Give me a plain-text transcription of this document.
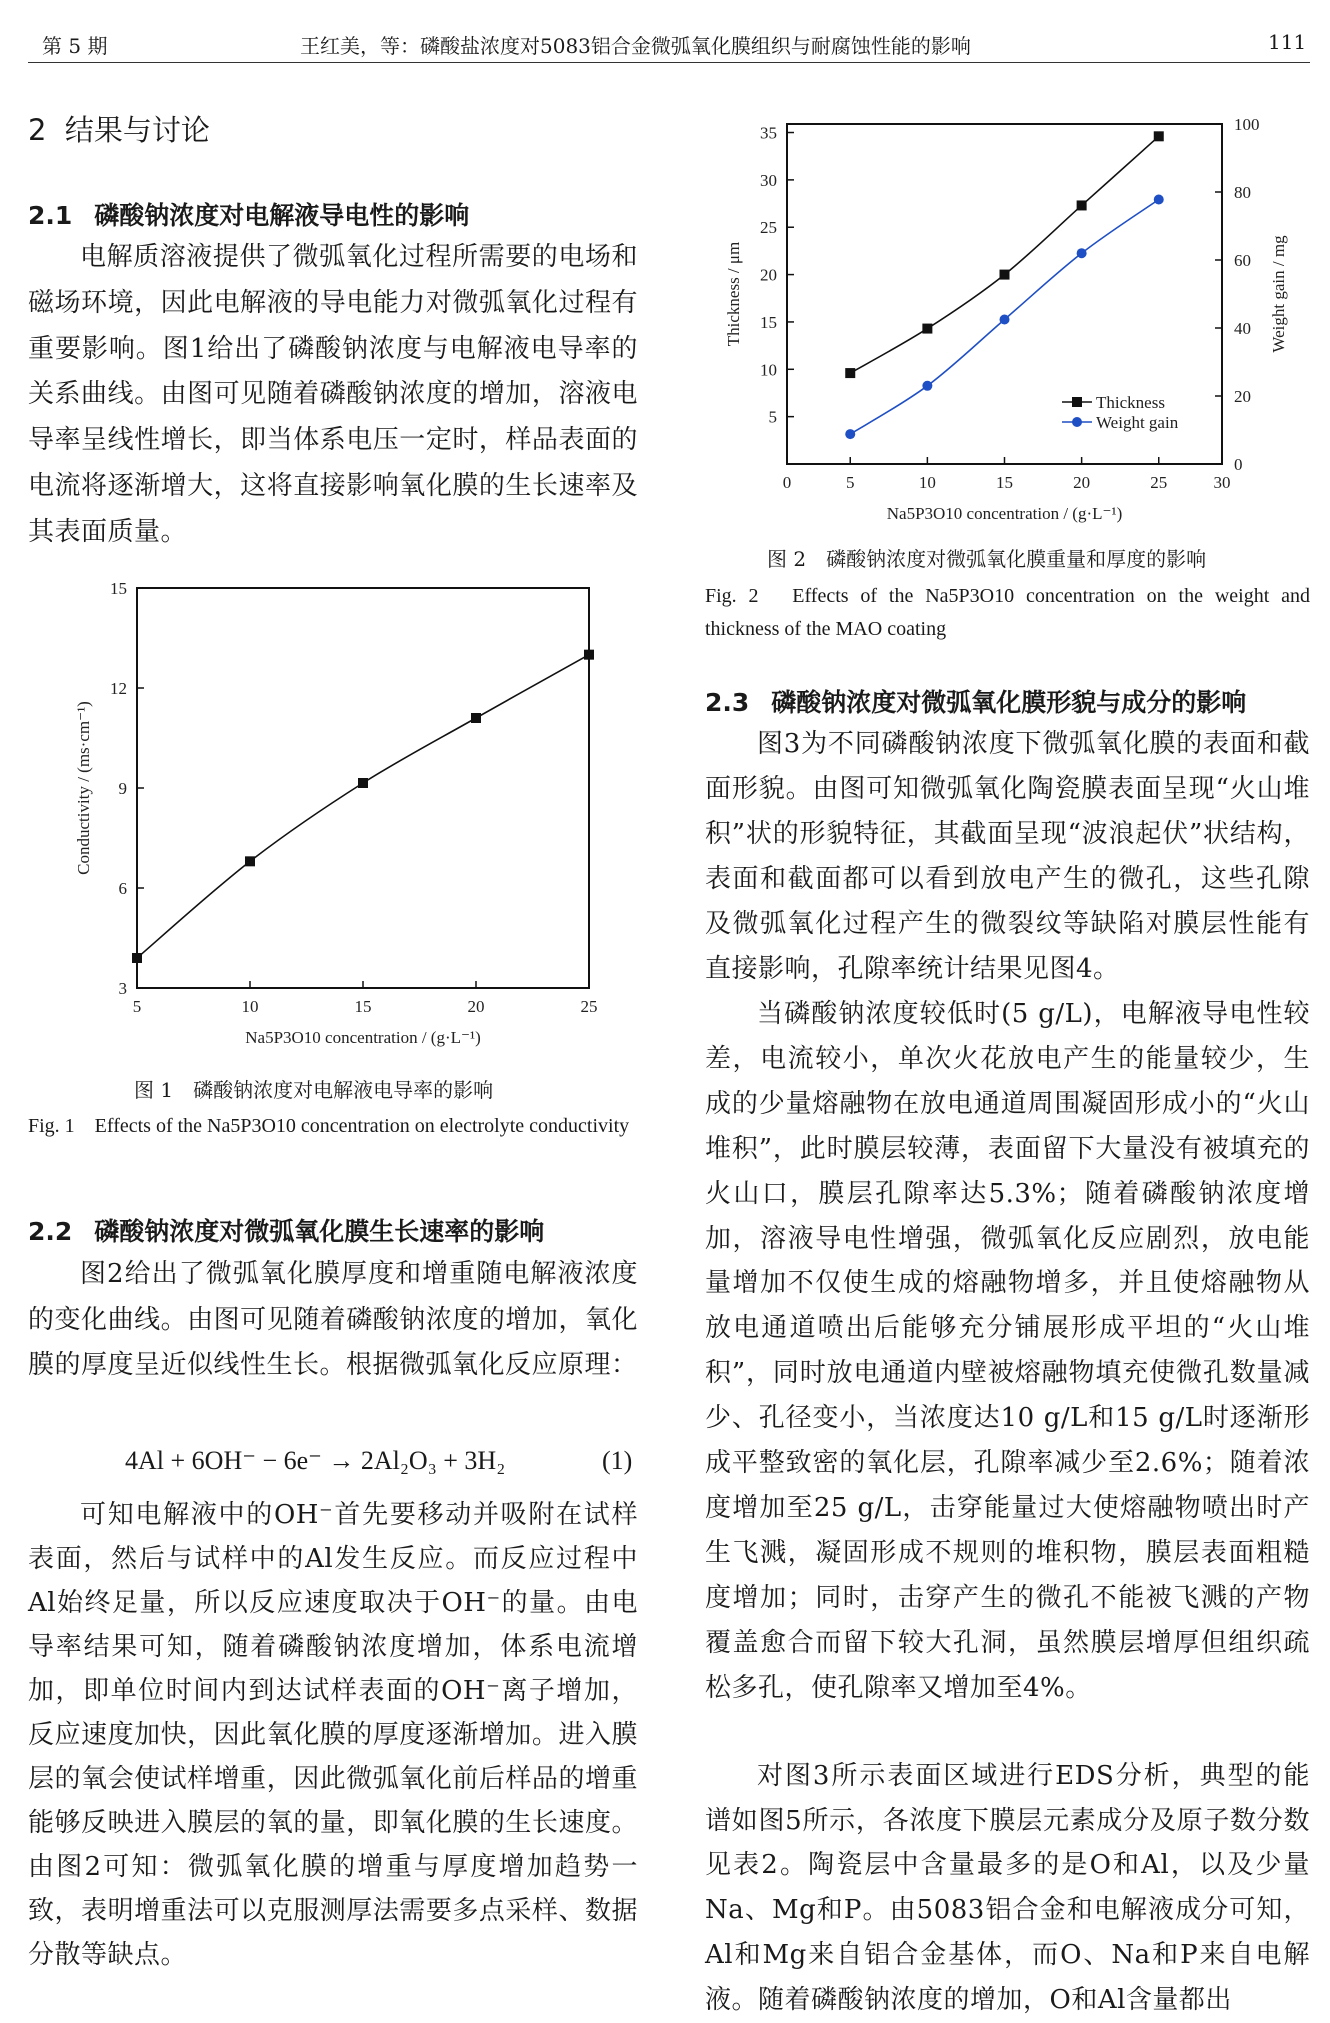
第 5 期	王红美，等：磷酸盐浓度对5083铝合金微弧氧化膜组织与耐腐蚀性能的影响	111
2 结果与讨论
2.1 磷酸钠浓度对电解液导电性的影响
电解质溶液提供了微弧氧化过程所需要的电场和磁场环境，因此电解液的导电能力对微弧氧化过程有重要影响。图1给出了磷酸钠浓度与电解液电导率的关系曲线。由图可见随着磷酸钠浓度的增加，溶液电导率呈线性增长，即当体系电压一定时，样品表面的电流将逐渐增大，这将直接影响氧化膜的生长速率及其表面质量。
5	10	15	20	25
3
6
9
12
15
Na5P3O10 concentration / (g·L⁻¹)
Conductivity / (ms·cm⁻¹)
图 1　磷酸钠浓度对电解液电导率的影响
Fig. 1　Effects of the Na5P3O10 concentration on electrolyte conductivity
2.2 磷酸钠浓度对微弧氧化膜生长速率的影响
图2给出了微弧氧化膜厚度和增重随电解液浓度的变化曲线。由图可见随着磷酸钠浓度的增加，氧化膜的厚度呈近似线性生长。根据微弧氧化反应原理：
4Al + 6OH⁻ − 6e⁻ → 2Al₂O₃ + 3H₂	(1)
可知电解液中的OH⁻首先要移动并吸附在试样表面，然后与试样中的Al发生反应。而反应过程中Al始终足量，所以反应速度取决于OH⁻的量。由电导率结果可知，随着磷酸钠浓度增加，体系电流增加，即单位时间内到达试样表面的OH⁻离子增加，反应速度加快，因此氧化膜的厚度逐渐增加。进入膜层的氧会使试样增重，因此微弧氧化前后样品的增重能够反映进入膜层的氧的量，即氧化膜的生长速度。由图2可知：微弧氧化膜的增重与厚度增加趋势一致，表明增重法可以克服测厚法需要多点采样、数据分散等缺点。
0	5	10	15	20	25	30
5
10
15
20
25
30
35
0
20
40
60
80
100
Na5P3O10 concentration / (g·L⁻¹)
Thickness / μm	Weight gain / mg
Thickness
Weight gain
图 2　磷酸钠浓度对微弧氧化膜重量和厚度的影响
Fig. 2　Effects of the Na5P3O10 concentration on the weight and thickness of the MAO coating
2.3 磷酸钠浓度对微弧氧化膜形貌与成分的影响
图3为不同磷酸钠浓度下微弧氧化膜的表面和截面形貌。由图可知微弧氧化陶瓷膜表面呈现“火山堆积”状的形貌特征，其截面呈现“波浪起伏”状结构，表面和截面都可以看到放电产生的微孔，这些孔隙及微弧氧化过程产生的微裂纹等缺陷对膜层性能有直接影响，孔隙率统计结果见图4。
当磷酸钠浓度较低时(5 g/L)，电解液导电性较差，电流较小，单次火花放电产生的能量较少，生成的少量熔融物在放电通道周围凝固形成小的“火山堆积”，此时膜层较薄，表面留下大量没有被填充的火山口，膜层孔隙率达5.3%；随着磷酸钠浓度增加，溶液导电性增强，微弧氧化反应剧烈，放电能量增加不仅使生成的熔融物增多，并且使熔融物从放电通道喷出后能够充分铺展形成平坦的“火山堆积”，同时放电通道内壁被熔融物填充使微孔数量减少、孔径变小，当浓度达10 g/L和15 g/L时逐渐形成平整致密的氧化层，孔隙率减少至2.6%；随着浓度增加至25 g/L，击穿能量过大使熔融物喷出时产生飞溅，凝固形成不规则的堆积物，膜层表面粗糙度增加；同时，击穿产生的微孔不能被飞溅的产物覆盖愈合而留下较大孔洞，虽然膜层增厚但组织疏松多孔，使孔隙率又增加至4%。
对图3所示表面区域进行EDS分析，典型的能谱如图5所示，各浓度下膜层元素成分及原子数分数见表2。陶瓷层中含量最多的是O和Al，以及少量Na、Mg和P。由5083铝合金和电解液成分可知，Al和Mg来自铝合金基体，而O、Na和P来自电解液。随着磷酸钠浓度的增加，O和Al含量都出
